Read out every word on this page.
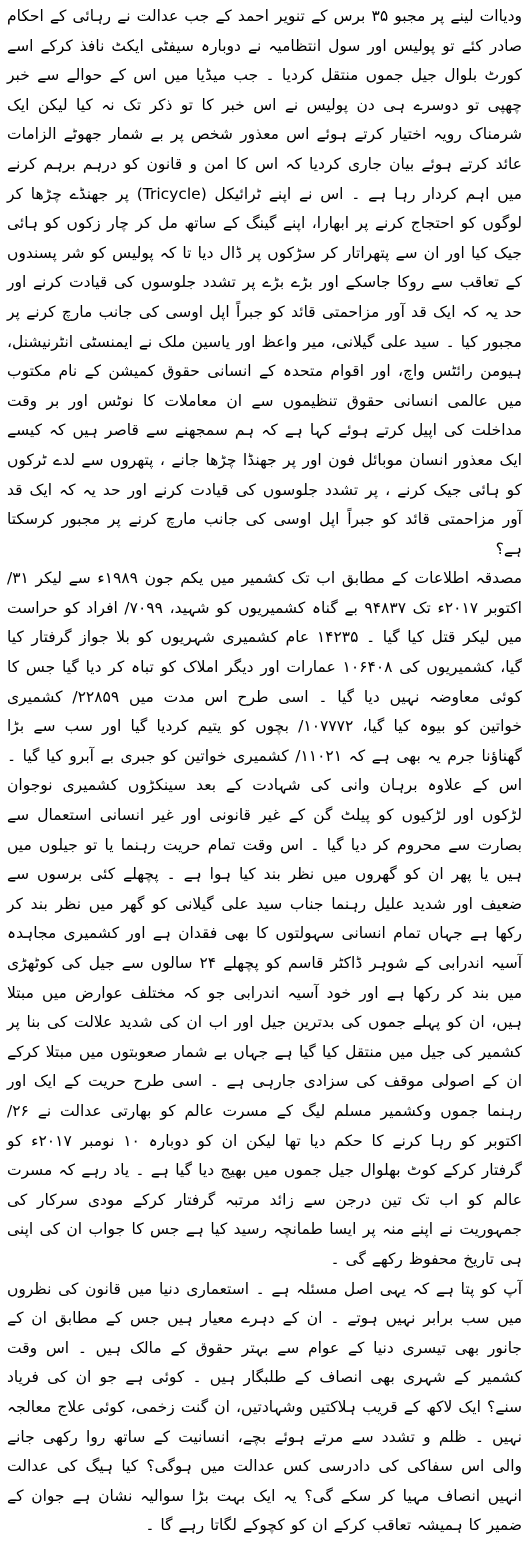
ودیاات لینے پر مجبو ۳۵ برس کے تنویر احمد کے جب عدالت نے رہائی کے احکام صادر کئے تو پولیس اور سول انتظامیہ نے دوبارہ سیفٹی ایکٹ نافذ کرکے اسے کورٹ بلوال جیل جموں منتقل کردیا ۔ جب میڈیا میں اس کے حوالے سے خبر چھپی تو دوسرے ہی دن پولیس نے اس خبر کا تو ذکر تک نہ کیا لیکن ایک شرمناک رویہ اختیار کرتے ہوئے اس معذور شخص پر بے شمار جھوٹے الزامات عائد کرتے ہوئے بیان جاری کردیا کہ اس کا امن و قانون کو درہم برہم کرنے میں اہم کردار رہا ہے ۔ اس نے اپنے ٹرائیکل (Tricycle) پر جھنڈے چڑھا کر لوگوں کو احتجاج کرنے پر ابھارا، اپنے گینگ کے ساتھ مل کر چار زکوں کو ہائی جیک کیا اور ان سے پتھراتار کر سڑکوں پر ڈال دیا تا کہ پولیس کو شر پسندوں کے تعاقب سے روکا جاسکے اور بڑے بڑے پر تشدد جلوسوں کی قیادت کرنے اور حد یہ کہ ایک قد آور مزاحمتی قائد کو جبراً اپل اوسی کی جانب مارچ کرنے پر مجبور کیا ۔ سید علی گیلانی، میر واعظ اور یاسین ملک نے ایمنسٹی انٹرنیشنل، ہیومن رائٹس واچ، اور اقوام متحدہ کے انسانی حقوق کمیشن کے نام مکتوب میں عالمی انسانی حقوق تنظیموں سے ان معاملات کا نوٹس اور بر وقت مداخلت کی اپیل کرتے ہوئے کہا ہے کہ ہم سمجھنے سے قاصر ہیں کہ کیسے ایک معذور انسان موبائل فون اور پر جھنڈا چڑھا جانے ، پتھروں سے لدے ٹرکوں کو ہائی جیک کرنے ، پر تشدد جلوسوں کی قیادت کرنے اور حد یہ کہ ایک قد آور مزاحمتی قائد کو جبراً اپل اوسی کی جانب مارچ کرنے پر مجبور کرسکتا ہے؟

مصدقہ اطلاعات کے مطابق اب تک کشمیر میں یکم جون ۱۹۸۹ء سے لیکر ۳۱/ اکتوبر ۲۰۱۷ء تک ۹۴۸۳۷ بے گناہ کشمیریوں کو شہید، ۷۰۹۹/ افراد کو حراست میں لیکر قتل کیا گیا ۔ ۱۴۲۳۵ عام کشمیری شہریوں کو بلا جواز گرفتار کیا گیا، کشمیریوں کی ۱۰۶۴۰۸ عمارات اور دیگر املاک کو تباہ کر دیا گیا جس کا کوئی معاوضہ نہیں دیا گیا ۔ اسی طرح اس مدت میں ۲۲۸۵۹/ کشمیری خواتین کو بیوہ کیا گیا، ۱۰۷۷۷۲/ بچوں کو یتیم کردیا گیا اور سب سے بڑا گھناؤنا جرم یہ بھی ہے کہ ۱۱۰۲۱/ کشمیری خواتین کو جبری بے آبرو کیا گیا ۔ اس کے علاوہ برہان وانی کی شہادت کے بعد سینکڑوں کشمیری نوجوان لڑکوں اور لڑکیوں کو پیلٹ گن کے غیر قانونی اور غیر انسانی استعمال سے بصارت سے محروم کر دیا گیا ۔ اس وقت تمام حریت رہنما یا تو جیلوں میں ہیں یا پھر ان کو گھروں میں نظر بند کیا ہوا ہے ۔ پچھلے کئی برسوں سے ضعیف اور شدید علیل رہنما جناب سید علی گیلانی کو گھر میں نظر بند کر رکھا ہے جہاں تمام انسانی سہولتوں کا بھی فقدان ہے اور کشمیری مجاہدہ آسیہ اندرابی کے شوہر ڈاکٹر قاسم کو پچھلے ۲۴ سالوں سے جیل کی کوٹھڑی میں بند کر رکھا ہے اور خود آسیہ اندرابی جو کہ مختلف عوارض میں مبتلا ہیں، ان کو پہلے جموں کی بدترین جیل اور اب ان کی شدید علالت کی بنا پر کشمیر کی جیل میں منتقل کیا گیا ہے جہاں بے شمار صعوبتوں میں مبتلا کرکے ان کے اصولی موقف کی سزادی جارہی ہے ۔ اسی طرح حریت کے ایک اور رہنما جموں وکشمیر مسلم لیگ کے مسرت عالم کو بھارتی عدالت نے ۲۶/ اکتوبر کو رہا کرنے کا حکم دیا تھا لیکن ان کو دوبارہ ۱۰ نومبر ۲۰۱۷ء کو گرفتار کرکے کوٹ بھلوال جیل جموں میں بھیج دیا گیا ہے ۔ یاد رہے کہ مسرت عالم کو اب تک تین درجن سے زائد مرتبہ گرفتار کرکے مودی سرکار کی جمہوریت نے اپنے منہ پر ایسا طمانچہ رسید کیا ہے جس کا جواب ان کی اپنی ہی تاریخ محفوظ رکھے گی ۔

آپ کو پتا ہے کہ یہی اصل مسئلہ ہے ۔ استعماری دنیا میں قانون کی نظروں میں سب برابر نہیں ہوتے ۔ ان کے دہرے معیار ہیں جس کے مطابق ان کے جانور بھی تیسری دنیا کے عوام سے بہتر حقوق کے مالک ہیں ۔ اس وقت کشمیر کے شہری بھی انصاف کے طلبگار ہیں ۔ کوئی ہے جو ان کی فریاد سنے؟ ایک لاکھ کے قریب ہلاکتیں وشہادتیں، ان گنت زخمی، کوئی علاج معالجہ نہیں ۔ ظلم و تشدد سے مرتے ہوئے بچے، انسانیت کے ساتھ روا رکھی جانے والی اس سفاکی کی دادرسی کس عدالت میں ہوگی؟ کیا ہیگ کی عدالت انہیں انصاف مہیا کر سکے گی؟ یہ ایک بہت بڑا سوالیہ نشان ہے جوان کے ضمیر کا ہمیشہ تعاقب کرکے ان کو کچوکے لگاتا رہے گا ۔
